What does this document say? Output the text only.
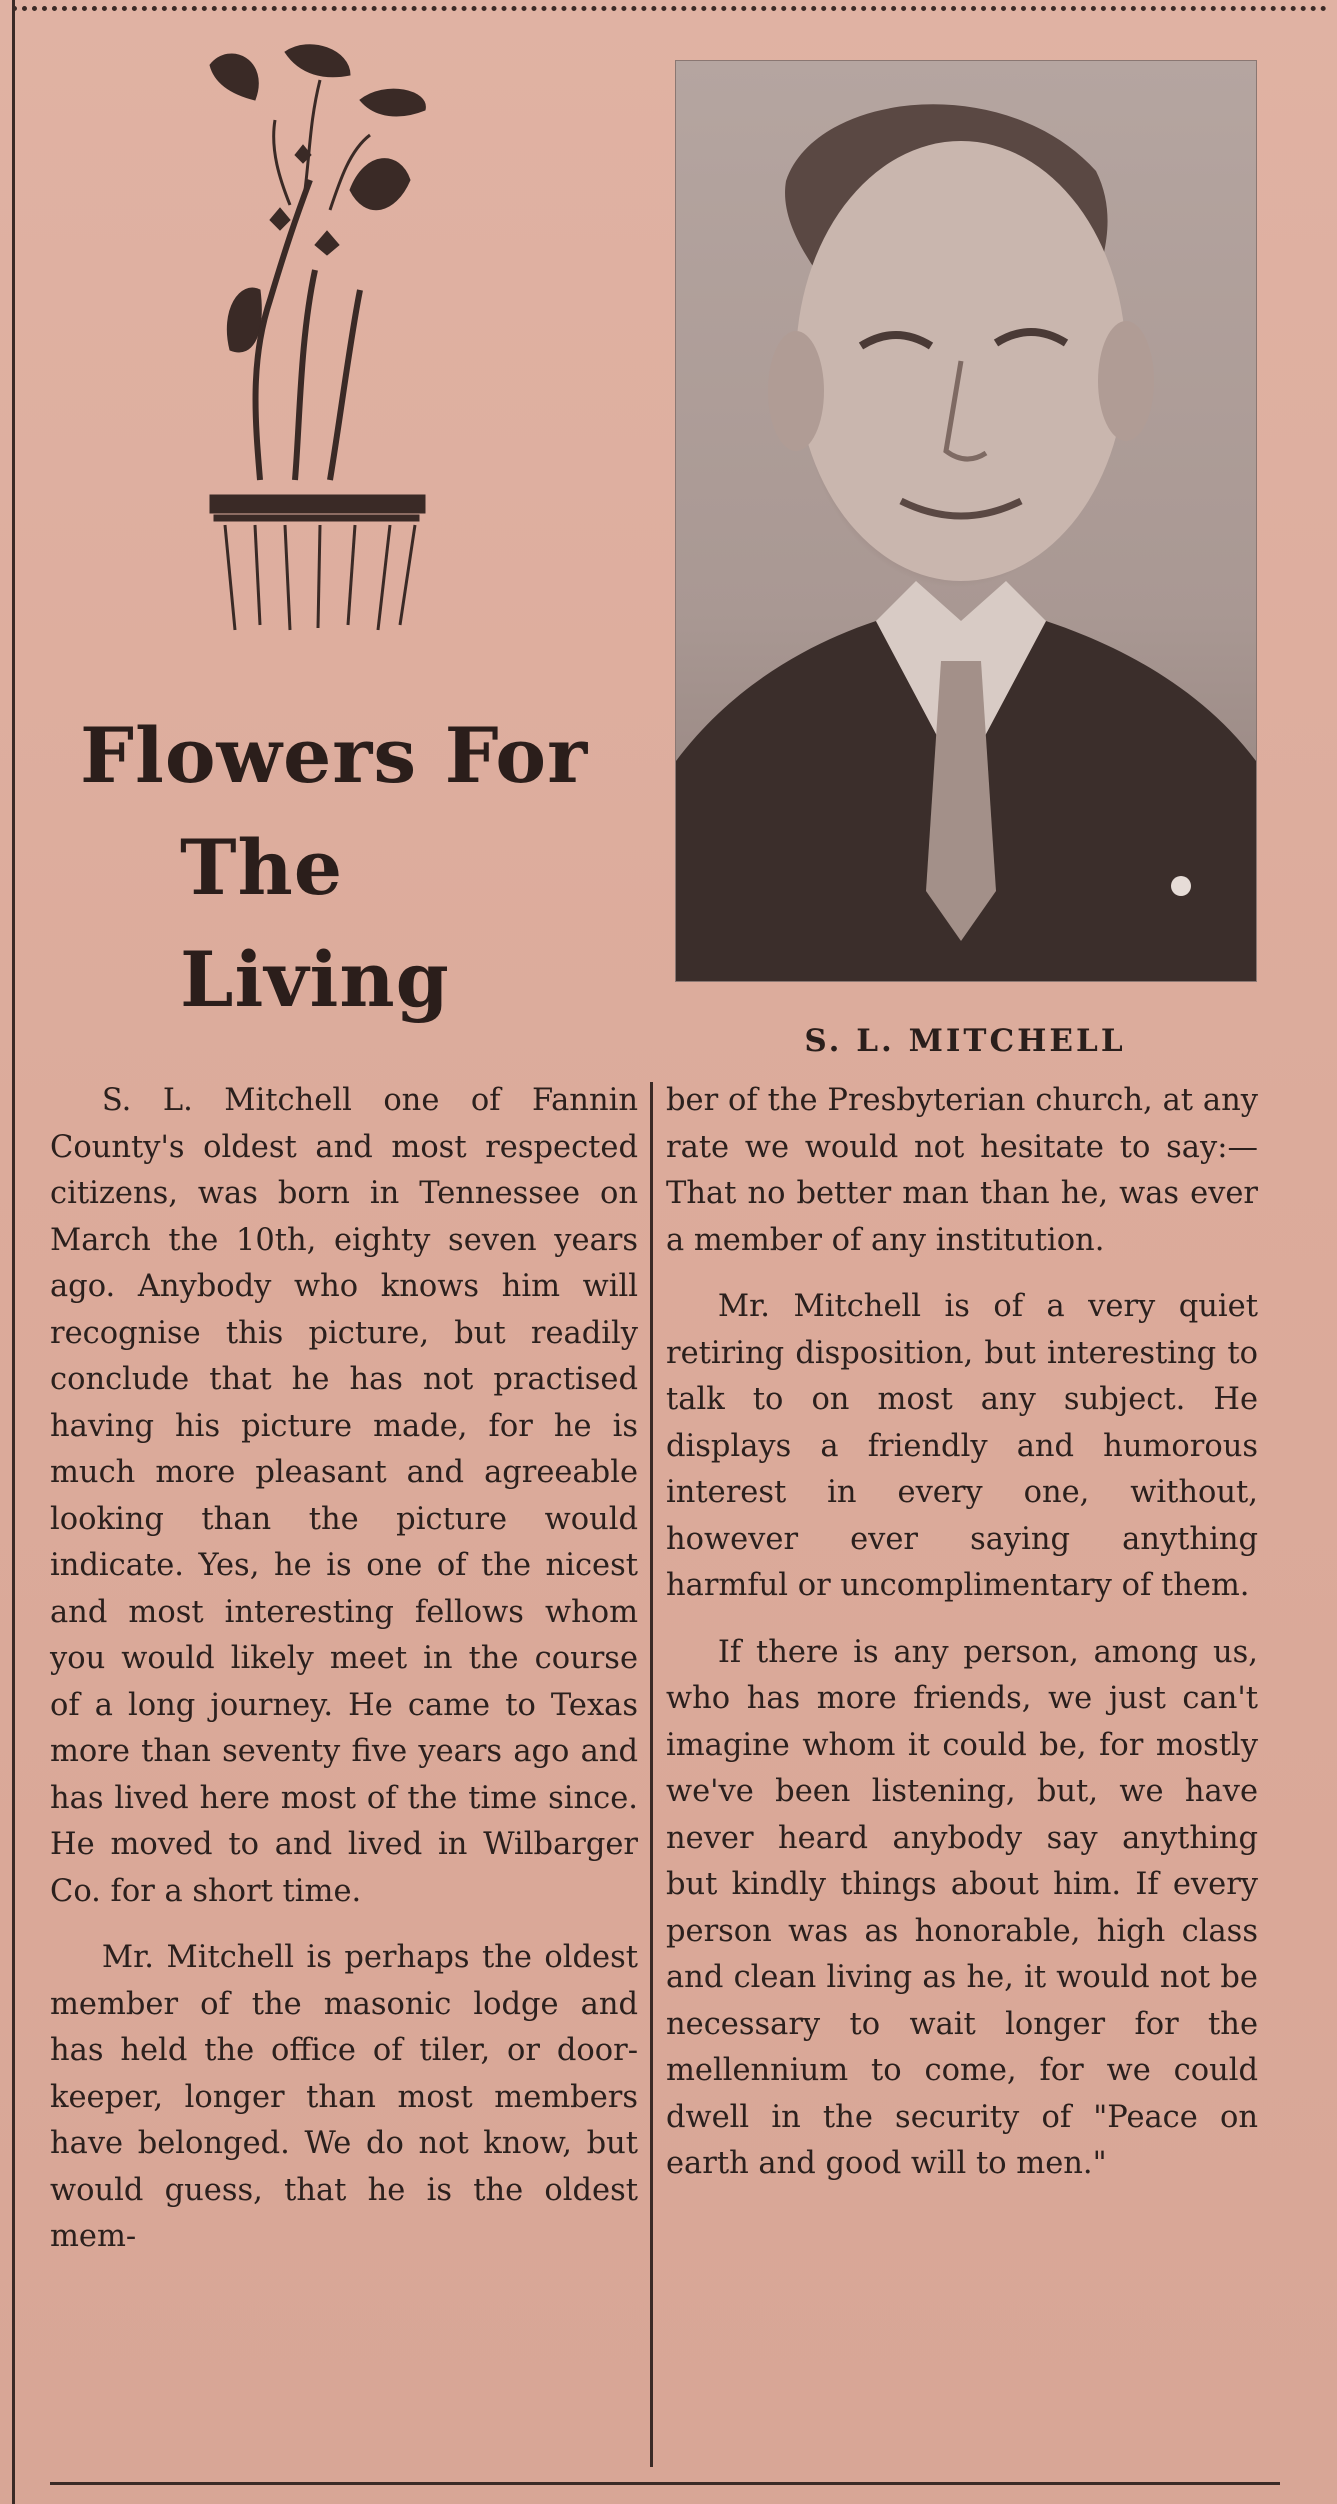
Flowers For
The Living
S. L. MITCHELL

S. L. Mitchell one of Fannin County's oldest and most respected citizens, was born in Tennessee on March the 10th, eighty seven years ago. Anybody who knows him will recognise this picture, but readily conclude that he has not practised having his picture made, for he is much more pleasant and agreeable looking than the picture would indicate. Yes, he is one of the nicest and most interesting fellows whom you would likely meet in the course of a long journey. He came to Texas more than seventy five years ago and has lived here most of the time since. He moved to and lived in Wilbarger Co. for a short time.

Mr. Mitchell is perhaps the oldest member of the masonic lodge and has held the office of tiler, or door-keeper, longer than most members have belonged. We do not know, but would guess, that he is the oldest mem-

ber of the Presbyterian church, at any rate we would not hesitate to say:— That no better man than he, was ever a member of any institution.

Mr. Mitchell is of a very quiet retiring disposition, but interesting to talk to on most any subject. He displays a friendly and humorous interest in every one, without, however ever saying anything harmful or uncomplimentary of them.

If there is any person, among us, who has more friends, we just can't imagine whom it could be, for mostly we've been listening, but, we have never heard anybody say anything but kindly things about him. If every person was as honorable, high class and clean living as he, it would not be necessary to wait longer for the mellennium to come, for we could dwell in the security of "Peace on earth and good will to men."
